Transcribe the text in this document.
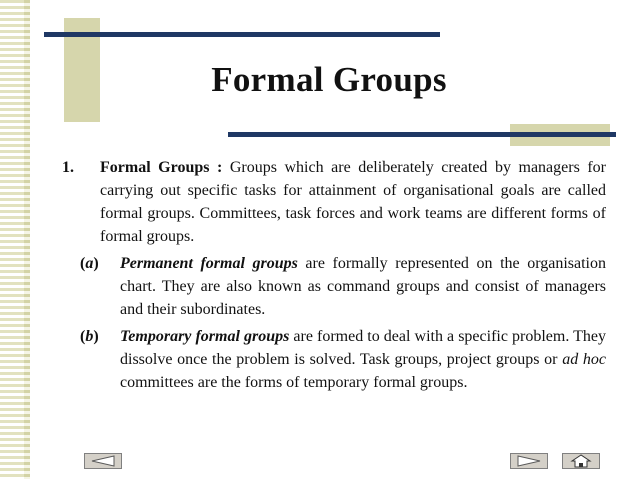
Formal Groups
1.	Formal Groups : Groups which are deliberately created by managers for carrying out specific tasks for attainment of organisational goals are called formal groups. Committees, task forces and work teams are different forms of formal groups.
(a)	Permanent formal groups are formally represented on the organisation chart. They are also known as command groups and consist of managers and their subordinates.
(b)	Temporary formal groups are formed to deal with a specific problem. They dissolve once the problem is solved. Task groups, project groups or ad hoc committees are the forms of temporary formal groups.
